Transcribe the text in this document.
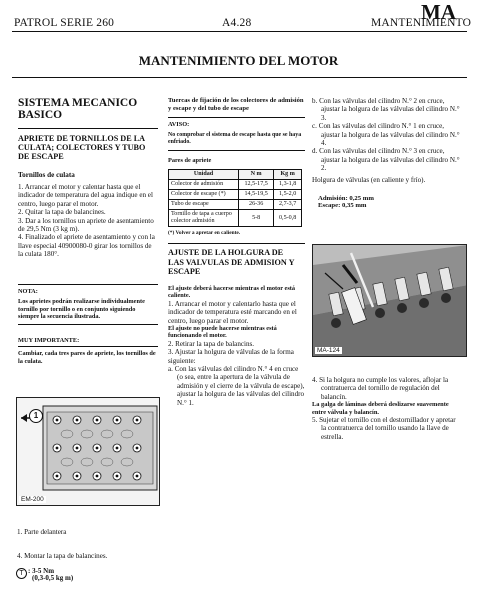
PATROL SERIE 260	A4.28	MA
MANTENIMIENTO
MANTENIMIENTO DEL MOTOR
SISTEMA MECANICO
BASICO
APRIETE DE TORNILLOS DE LA
CULATA; COLECTORES Y TUBO
DE ESCAPE
Tornillos de culata
1. Arrancar el motor y calentar hasta que el indicador de temperatura del agua indique en el centro, luego parar el motor.
2. Quitar la tapa de balancines.
3. Dar a los tornillos un apriete de asentamiento de 29,5 Nm (3 kg m).
4. Finalizado el apriete de asentamiento y con la llave especial 40900080-0 girar los tornillos de la culata 180°.
NOTA:
Los aprietes podrán realizarse individualmente tornillo por tornillo o en conjunto siguiendo siempre la secuencia ilustrada.
MUY IMPORTANTE:
Cambiar, cada tres pares de apriete, los tornillos de la culata.
1
EM-200
Tuercas de fijación de los colectores de admisión y escape y del tubo de escape
AVISO:
No comprobar el sistema de escape hasta que se haya enfriado.
Pares de apriete
Unidad	N m	Kg m
Colector de admisión	12,5-17,5	1,3-1,8
Colector de escape (*)	14,5-19,5	1,5-2,0
Tubo de escape	26-36	2,7-3,7
Tornillo de tapa a cuerpo colector admisión	5-8	0,5-0,8
(*) Volver a apretar en caliente.
AJUSTE DE LA HOLGURA DE
LAS VALVULAS DE ADMISION Y
ESCAPE
El ajuste deberá hacerse mientras el motor está caliente.
1. Arrancar el motor y calentarlo hasta que el indicador de temperatura esté marcando en el centro, luego parar el motor.
El ajuste no puede hacerse mientras está funcionando el motor.
2. Retirar la tapa de balancins.
3. Ajustar la holgura de válvulas de la forma siguiente:
a. Con las válvulas del cilindro N.° 4 en cruce (o sea, entre la apertura de la válvula de admisión y el cierre de la válvula de escape), ajustar la holgura de las válvulas del cilindro N.° 1.
b. Con las válvulas del cilindro N.° 2 en cruce, ajustar la holgura de las válvulas del cilindro N.° 3.
c. Con las válvulas del cilindro N.° 1 en cruce, ajustar la holgura de las válvulas del cilindro N.° 4.
d. Con las válvulas del cilindro N.° 3 en cruce, ajustar la holgura de las válvulas del cilindro N.° 2.
Holgura de válvulas (en caliente y frío).
Admisión: 0,25 mm
Escape: 0,35 mm
MA-124
4. Si la holgura no cumple los valores, aflojar la contratuerca del tornillo de regulación del balancín.
La galga de láminas deberá deslizarse suavemente entre válvula y balancín.
5. Sujetar el tornillo con el destornillador y apretar la contratuerca del tornillo usando la llave de estrella.
1. Parte delantera
4. Montar la tapa de balancines.
T : 3-5 Nm
(0,3-0,5 kg m)
